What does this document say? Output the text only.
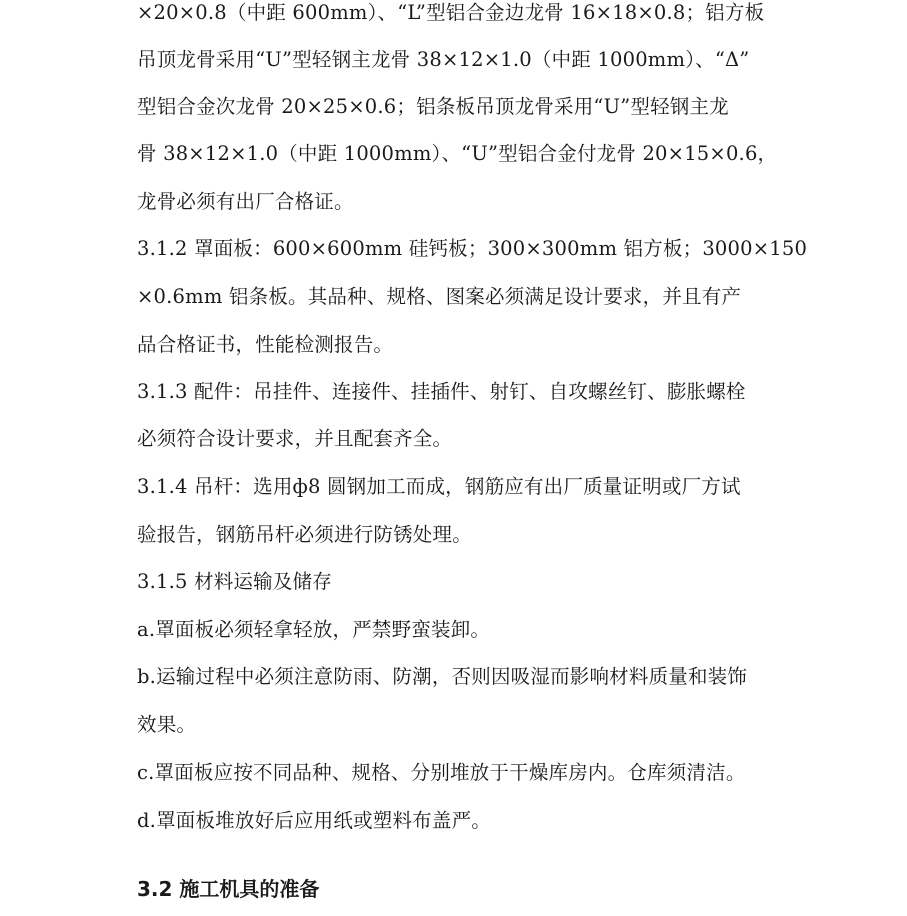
×20×0.8（中距 600mm）、“L”型铝合金边龙骨 16×18×0.8；铝方板
吊顶龙骨采用“U”型轻钢主龙骨 38×12×1.0（中距 1000mm）、“Δ”
型铝合金次龙骨 20×25×0.6；铝条板吊顶龙骨采用“U”型轻钢主龙
骨 38×12×1.0（中距 1000mm）、“U”型铝合金付龙骨 20×15×0.6，
龙骨必须有出厂合格证。
3.1.2 罩面板：600×600mm 硅钙板；300×300mm 铝方板；3000×150
×0.6mm 铝条板。其品种、规格、图案必须满足设计要求，并且有产
品合格证书，性能检测报告。
3.1.3 配件：吊挂件、连接件、挂插件、射钉、自攻螺丝钉、膨胀螺栓
必须符合设计要求，并且配套齐全。
3.1.4 吊杆：选用ф8 圆钢加工而成，钢筋应有出厂质量证明或厂方试
验报告，钢筋吊杆必须进行防锈处理。
3.1.5 材料运输及储存
a.罩面板必须轻拿轻放，严禁野蛮装卸。
b.运输过程中必须注意防雨、防潮，否则因吸湿而影响材料质量和装饰
效果。
c.罩面板应按不同品种、规格、分别堆放于干燥库房内。仓库须清洁。
d.罩面板堆放好后应用纸或塑料布盖严。
3.2 施工机具的准备
